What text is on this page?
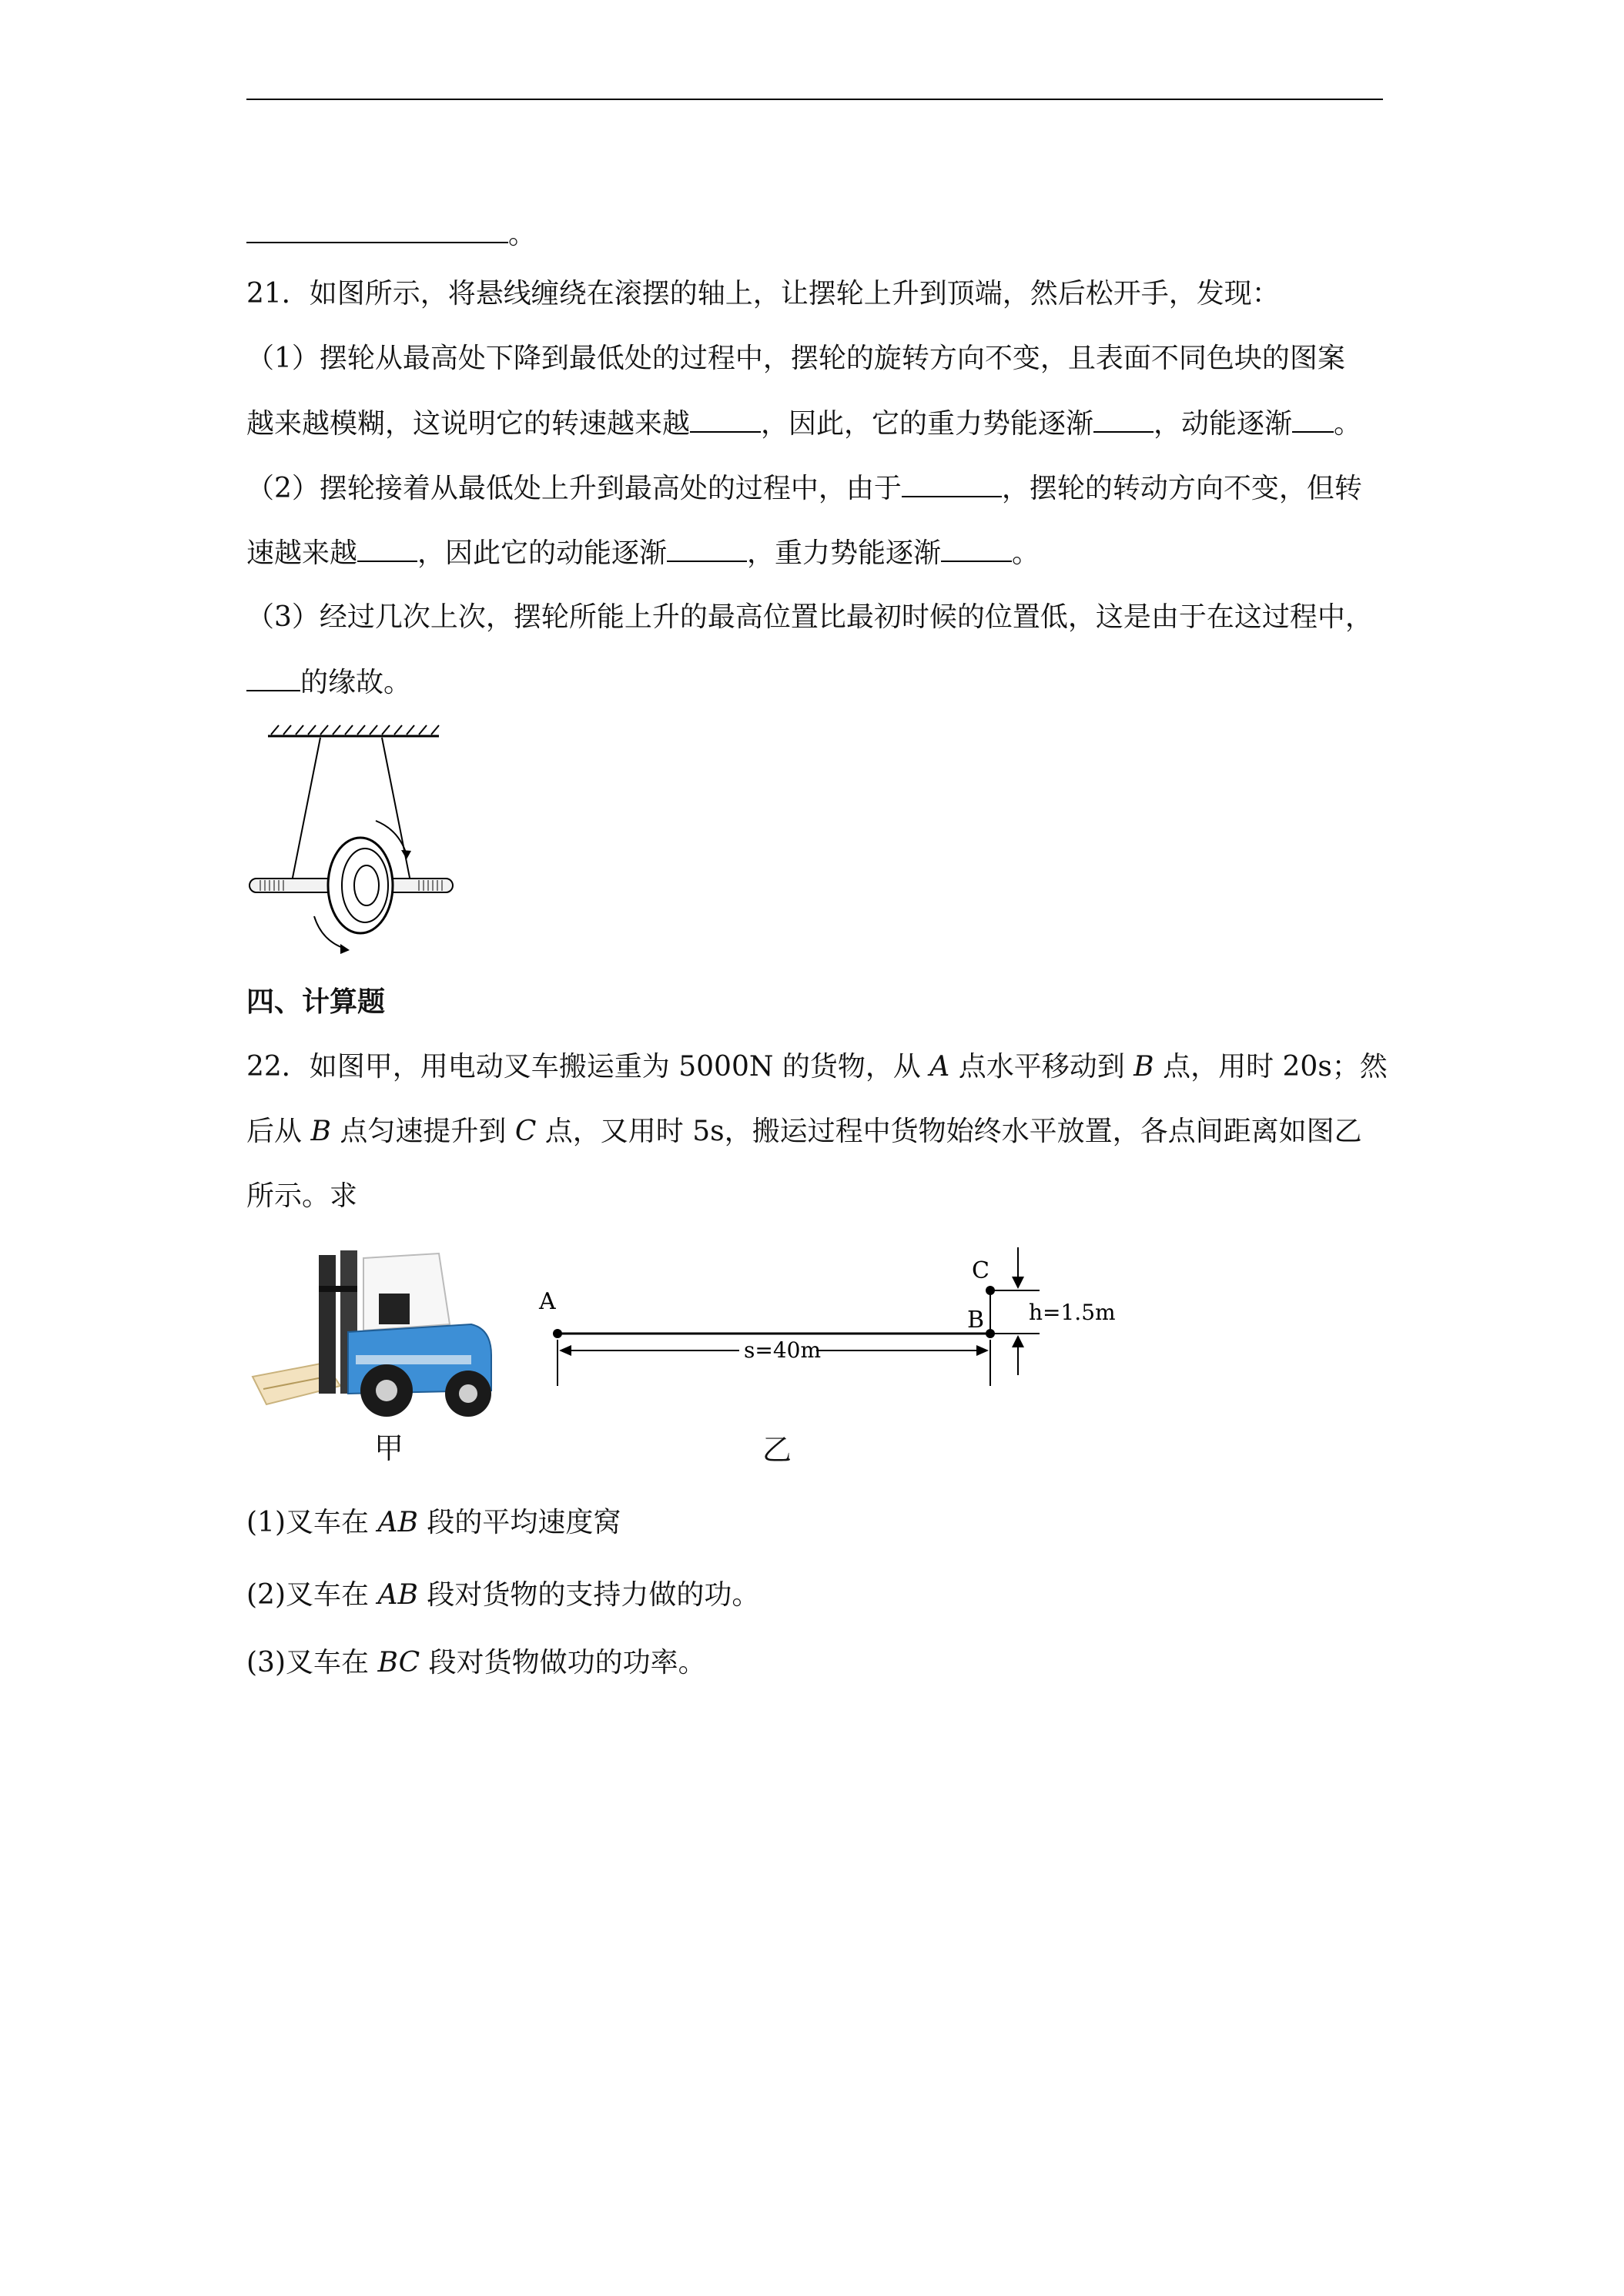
。
21．如图所示，将悬线缠绕在滚摆的轴上，让摆轮上升到顶端，然后松开手，发现：
（1）摆轮从最高处下降到最低处的过程中，摆轮的旋转方向不变，且表面不同色块的图案
越来越模糊，这说明它的转速越来越	，因此，它的重力势能逐渐 ，动能逐渐 。
（2）摆轮接着从最低处上升到最高处的过程中，由于	，摆轮的转动方向不变，但转
速越来越 ，因此它的动能逐渐	，重力势能逐渐	。
（3）经过几次上次，摆轮所能上升的最高位置比最初时候的位置低，这是由于在这过程中，
的缘故。
四、计算题
22．如图甲，用电动叉车搬运重为 5000N 的货物，从 A 点水平移动到 B 点，用时 20s；然
后从 B 点匀速提升到 C 点，又用时 5s，搬运过程中货物始终水平放置，各点间距离如图乙
所示。求
A
B
C
s=40m
h=1.5m
甲	乙
(1)叉车在 AB 段的平均速度窝
(2)叉车在 AB 段对货物的支持力做的功。
(3)叉车在 BC 段对货物做功的功率。
